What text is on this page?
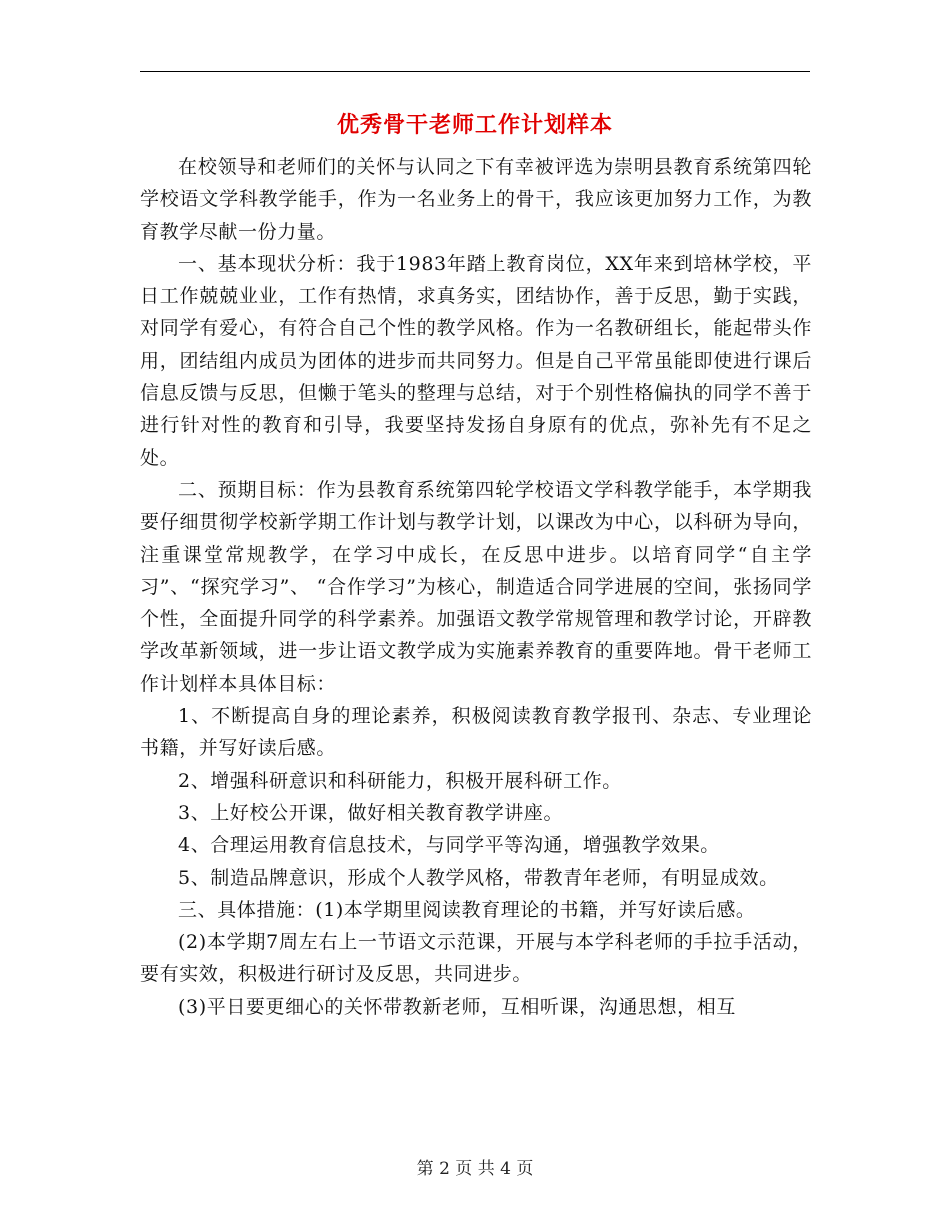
优秀骨干老师工作计划样本

在校领导和老师们的关怀与认同之下有幸被评选为崇明县教育系统第四轮学校语文学科教学能手，作为一名业务上的骨干，我应该更加努力工作，为教育教学尽献一份力量。

一、基本现状分析：我于1983年踏上教育岗位，XX年来到培林学校，平日工作兢兢业业，工作有热情，求真务实，团结协作，善于反思，勤于实践，对同学有爱心，有符合自己个性的教学风格。作为一名教研组长，能起带头作用，团结组内成员为团体的进步而共同努力。但是自己平常虽能即使进行课后信息反馈与反思，但懒于笔头的整理与总结，对于个别性格偏执的同学不善于进行针对性的教育和引导，我要坚持发扬自身原有的优点，弥补先有不足之处。

二、预期目标：作为县教育系统第四轮学校语文学科教学能手，本学期我要仔细贯彻学校新学期工作计划与教学计划，以课改为中心，以科研为导向，注重课堂常规教学，在学习中成长，在反思中进步。以培育同学“自主学习”、“探究学习”、 “合作学习”为核心，制造适合同学进展的空间，张扬同学个性，全面提升同学的科学素养。加强语文教学常规管理和教学讨论，开辟教学改革新领域，进一步让语文教学成为实施素养教育的重要阵地。骨干老师工作计划样本具体目标：

1、不断提高自身的理论素养，积极阅读教育教学报刊、杂志、专业理论书籍，并写好读后感。

2、增强科研意识和科研能力，积极开展科研工作。

3、上好校公开课，做好相关教育教学讲座。

4、合理运用教育信息技术，与同学平等沟通，增强教学效果。

5、制造品牌意识，形成个人教学风格，带教青年老师，有明显成效。

三、具体措施：(1)本学期里阅读教育理论的书籍，并写好读后感。

(2)本学期7周左右上一节语文示范课，开展与本学科老师的手拉手活动，要有实效，积极进行研讨及反思，共同进步。

(3)平日要更细心的关怀带教新老师，互相听课，沟通思想，相互

第 2 页 共 4 页
